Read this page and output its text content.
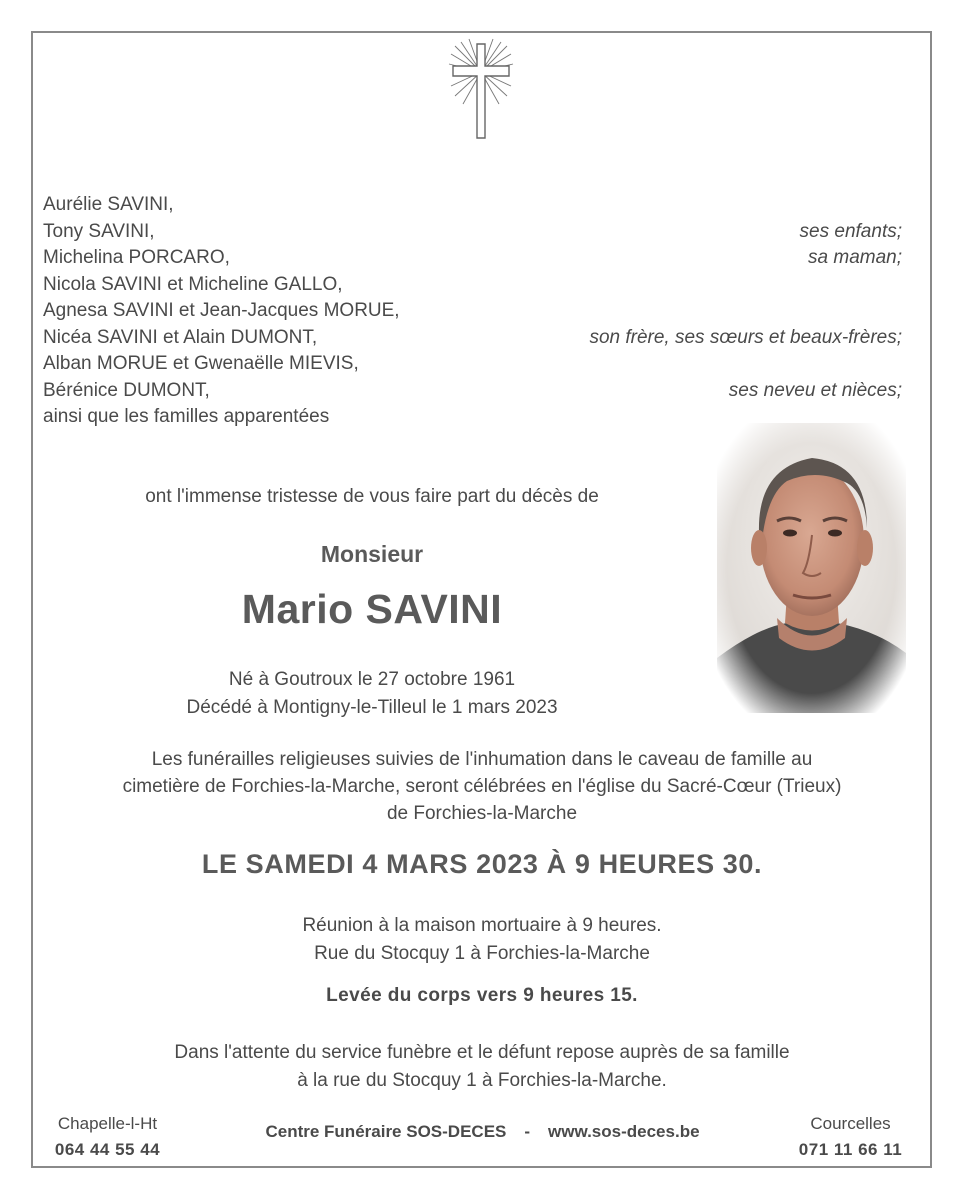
Aurélie SAVINI,
Tony SAVINI,
Michelina PORCARO,
Nicola SAVINI et Micheline GALLO,
Agnesa SAVINI et Jean-Jacques MORUE,
Nicéa SAVINI et Alain DUMONT,
Alban MORUE et Gwenaëlle MIEVIS,
Bérénice DUMONT,
ainsi que les familles apparentées
ses enfants;
sa maman;
son frère, ses sœurs et beaux-frères;
ses neveu et nièces;
ont l'immense tristesse de vous faire part du décès de
Monsieur
Mario SAVINI
Né à Goutroux le 27 octobre 1961
Décédé à Montigny-le-Tilleul le 1 mars 2023
Les funérailles religieuses suivies de l'inhumation dans le caveau de famille au
cimetière de Forchies-la-Marche, seront célébrées en l'église du Sacré-Cœur (Trieux)
de Forchies-la-Marche
LE SAMEDI 4 MARS 2023 À 9 HEURES 30.
Réunion à la maison mortuaire à 9 heures.
Rue du Stocquy 1 à Forchies-la-Marche
Levée du corps vers 9 heures 15.
Dans l'attente du service funèbre et le défunt repose auprès de sa famille
à la rue du Stocquy 1 à Forchies-la-Marche.
Chapelle-l-Ht
064 44 55 44
Centre Funéraire SOS-DECES - www.sos-deces.be	Courcelles
071 11 66 11
